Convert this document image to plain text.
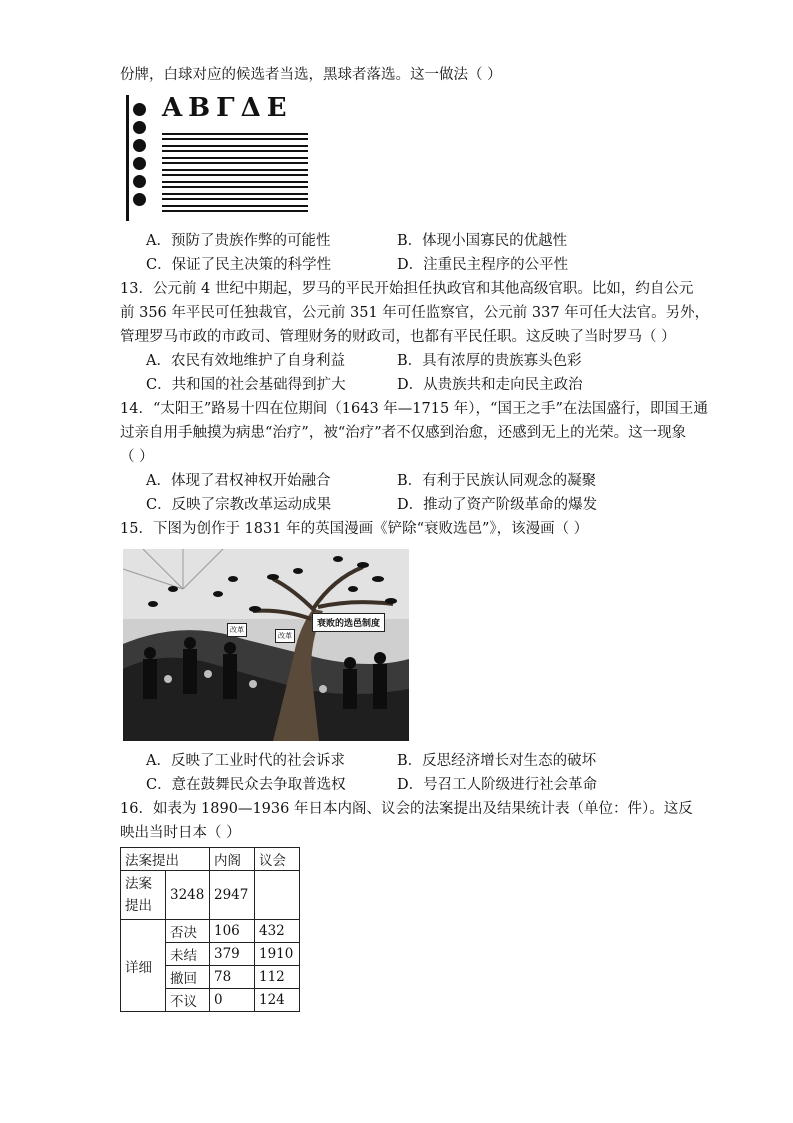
份牌，白球对应的候选者当选，黑球者落选。这一做法（ ）
ΑΒΓΔΕ
A．预防了贵族作弊的可能性	B．体现小国寡民的优越性
C．保证了民主决策的科学性	D．注重民主程序的公平性
13．公元前 4 世纪中期起，罗马的平民开始担任执政官和其他高级官职。比如，约自公元
前 356 年平民可任独裁官，公元前 351 年可任监察官，公元前 337 年可任大法官。另外，
管理罗马市政的市政司、管理财务的财政司，也都有平民任职。这反映了当时罗马（ ）
A．农民有效地维护了自身利益	B．具有浓厚的贵族寡头色彩
C．共和国的社会基础得到扩大	D．从贵族共和走向民主政治
14．“太阳王”路易十四在位期间（1643 年—1715 年），“国王之手”在法国盛行，即国王通
过亲自用手触摸为病患“治疗”，被“治疗”者不仅感到治愈，还感到无上的光荣。这一现象
（ ）
A．体现了君权神权开始融合	B．有利于民族认同观念的凝聚
C．反映了宗教改革运动成果	D．推动了资产阶级革命的爆发
15．下图为创作于 1831 年的英国漫画《铲除“衰败选邑”》，该漫画（ ）
衰败的选邑制度
改革
改革
A．反映了工业时代的社会诉求	B．反思经济增长对生态的破坏
C．意在鼓舞民众去争取普选权	D．号召工人阶级进行社会革命
16．如表为 1890—1936 年日本内阁、议会的法案提出及结果统计表（单位：件）。这反
映出当时日本（ ）
法案提出		内阁	议会
法案提出	3248	2947	
详细	否决	106	432
	未结	379	1910
	撤回	78	112
	不议	0	124
